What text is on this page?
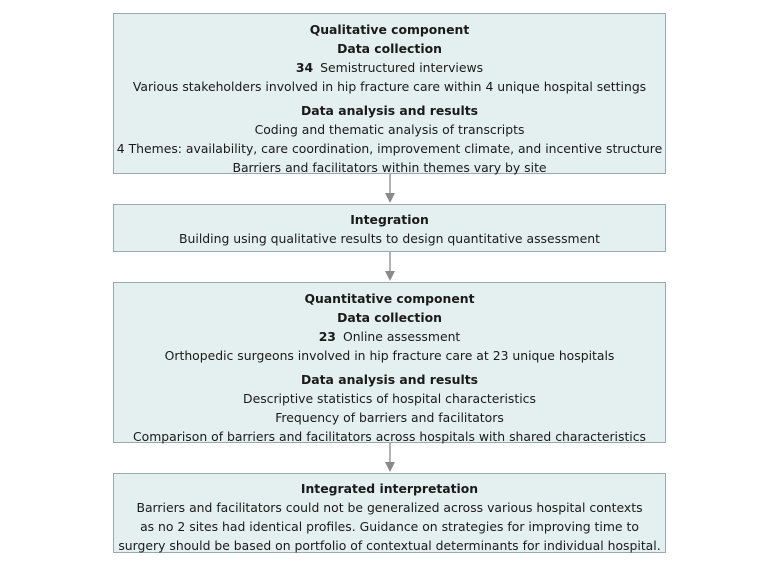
Qualitative component
Data collection
34 Semistructured interviews
Various stakeholders involved in hip fracture care within 4 unique hospital settings
Data analysis and results
Coding and thematic analysis of transcripts
4 Themes: availability, care coordination, improvement climate, and incentive structure
Barriers and facilitators within themes vary by site
Integration
Building using qualitative results to design quantitative assessment
Quantitative component
Data collection
23 Online assessment
Orthopedic surgeons involved in hip fracture care at 23 unique hospitals
Data analysis and results
Descriptive statistics of hospital characteristics
Frequency of barriers and facilitators
Comparison of barriers and facilitators across hospitals with shared characteristics
Integrated interpretation
Barriers and facilitators could not be generalized across various hospital contexts
as no 2 sites had identical profiles. Guidance on strategies for improving time to
surgery should be based on portfolio of contextual determinants for individual hospital.
